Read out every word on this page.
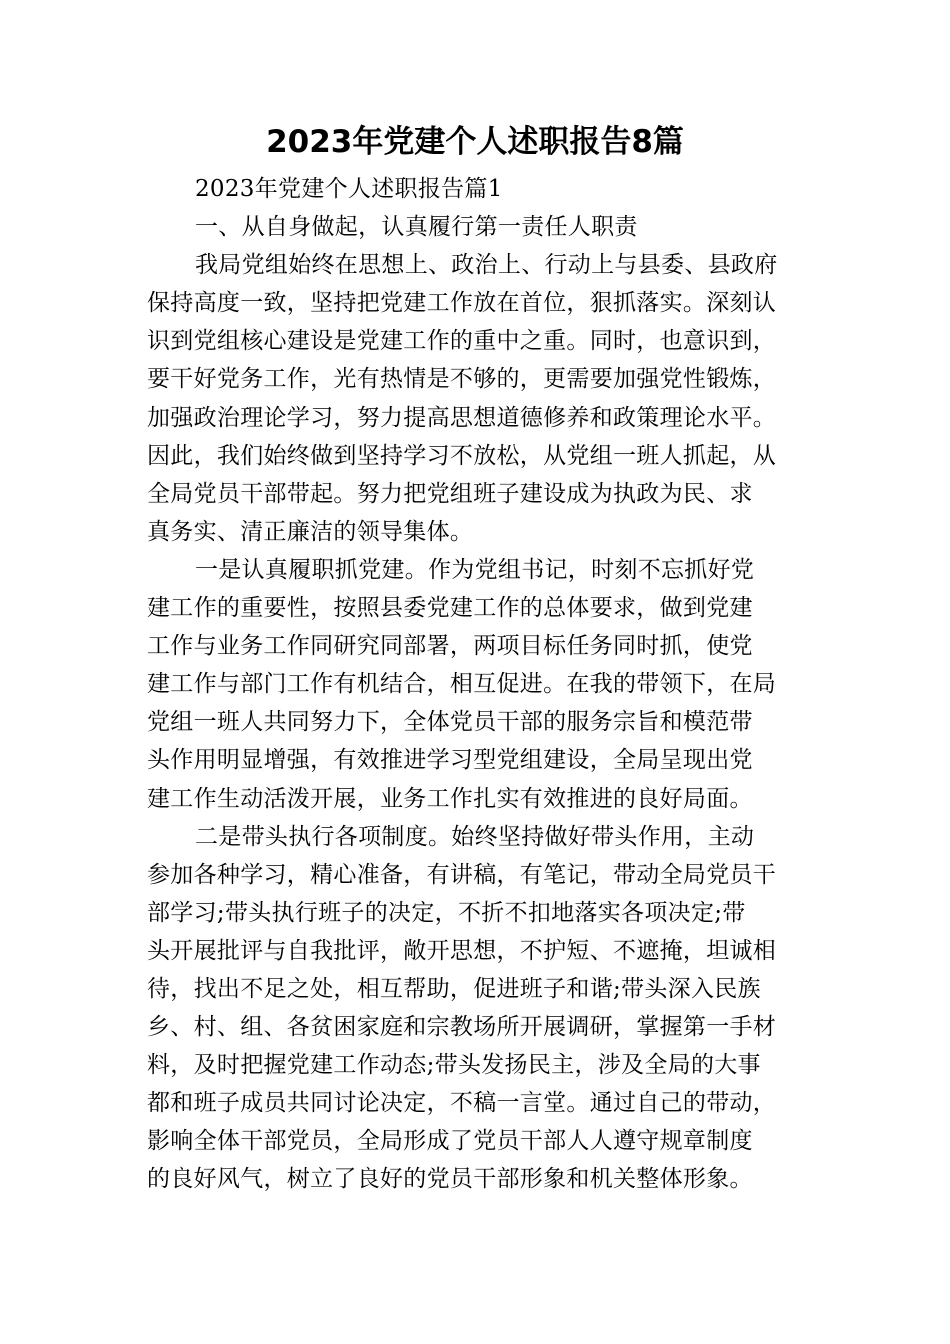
2023年党建个人述职报告8篇
2023年党建个人述职报告篇1
一、从自身做起，认真履行第一责任人职责
我局党组始终在思想上、政治上、行动上与县委、县政府
保持高度一致，坚持把党建工作放在首位，狠抓落实。深刻认
识到党组核心建设是党建工作的重中之重。同时，也意识到，
要干好党务工作，光有热情是不够的，更需要加强党性锻炼，
加强政治理论学习，努力提高思想道德修养和政策理论水平。
因此，我们始终做到坚持学习不放松，从党组一班人抓起，从
全局党员干部带起。努力把党组班子建设成为执政为民、求
真务实、清正廉洁的领导集体。
一是认真履职抓党建。作为党组书记，时刻不忘抓好党
建工作的重要性，按照县委党建工作的总体要求，做到党建
工作与业务工作同研究同部署，两项目标任务同时抓，使党
建工作与部门工作有机结合，相互促进。在我的带领下，在局
党组一班人共同努力下，全体党员干部的服务宗旨和模范带
头作用明显增强，有效推进学习型党组建设，全局呈现出党
建工作生动活泼开展，业务工作扎实有效推进的良好局面。
二是带头执行各项制度。始终坚持做好带头作用，主动
参加各种学习，精心准备，有讲稿，有笔记，带动全局党员干
部学习;带头执行班子的决定，不折不扣地落实各项决定;带
头开展批评与自我批评，敞开思想，不护短、不遮掩，坦诚相
待，找出不足之处，相互帮助，促进班子和谐;带头深入民族
乡、村、组、各贫困家庭和宗教场所开展调研，掌握第一手材
料，及时把握党建工作动态;带头发扬民主，涉及全局的大事
都和班子成员共同讨论决定，不稿一言堂。通过自己的带动，
影响全体干部党员，全局形成了党员干部人人遵守规章制度
的良好风气，树立了良好的党员干部形象和机关整体形象。
